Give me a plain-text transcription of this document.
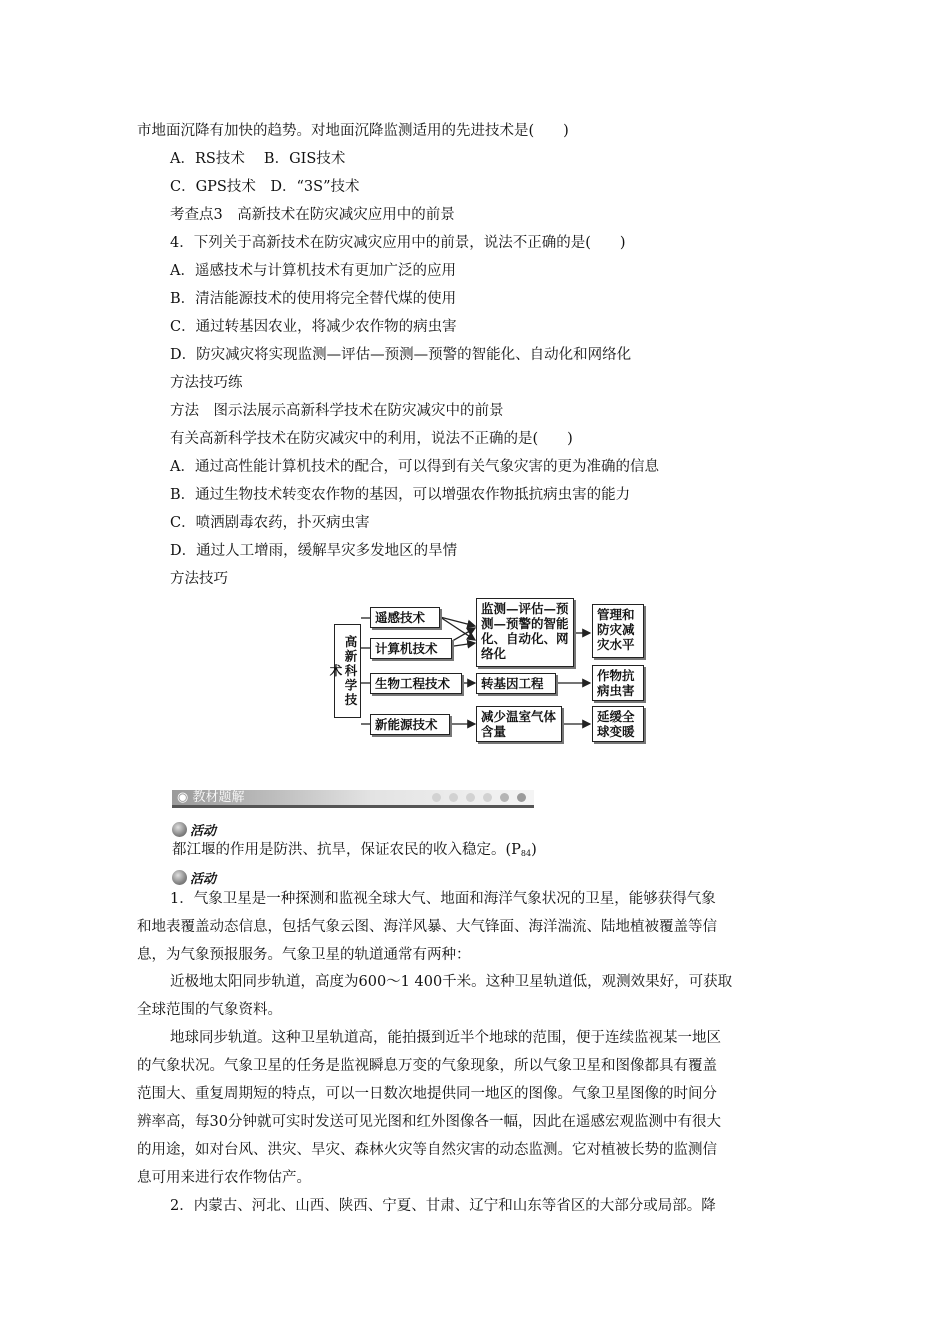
市地面沉降有加快的趋势。对地面沉降监测适用的先进技术是(　　)
A．RS技术　 B．GIS技术
C．GPS技术　D．“3S”技术
考查点3　高新技术在防灾减灾应用中的前景
4．下列关于高新技术在防灾减灾应用中的前景，说法不正确的是(　　)
A．遥感技术与计算机技术有更加广泛的应用
B．清洁能源技术的使用将完全替代煤的使用
C．通过转基因农业，将减少农作物的病虫害
D．防灾减灾将实现监测—评估—预测—预警的智能化、自动化和网络化
方法技巧练
方法　图示法展示高新科学技术在防灾减灾中的前景
有关高新科学技术在防灾减灾中的利用，说法不正确的是(　　)
A．通过高性能计算机技术的配合，可以得到有关气象灾害的更为准确的信息
B．通过生物技术转变农作物的基因，可以增强农作物抵抗病虫害的能力
C．喷洒剧毒农药，扑灭病虫害
D．通过人工增雨，缓解旱灾多发地区的旱情
方法技巧
高新科学技术
遥感技术
计算机技术
生物工程技术
新能源技术
监测—评估—预测—预警的智能化、自动化、网络化
转基因工程
减少温室气体含量
管理和防灾减灾水平
作物抗病虫害
延缓全球变暖
◉ 教材题解
活动
都江堰的作用是防洪、抗旱，保证农民的收入稳定。$(P_{84})$
活动
1．气象卫星是一种探测和监视全球大气、地面和海洋气象状况的卫星，能够获得气象
和地表覆盖动态信息，包括气象云图、海洋风暴、大气锋面、海洋湍流、陆地植被覆盖等信
息，为气象预报服务。气象卫星的轨道通常有两种：
近极地太阳同步轨道，高度为600～1 400千米。这种卫星轨道低，观测效果好，可获取
全球范围的气象资料。
地球同步轨道。这种卫星轨道高，能拍摄到近半个地球的范围，便于连续监视某一地区
的气象状况。气象卫星的任务是监视瞬息万变的气象现象，所以气象卫星和图像都具有覆盖
范围大、重复周期短的特点，可以一日数次地提供同一地区的图像。气象卫星图像的时间分
辨率高，每30分钟就可实时发送可见光图和红外图像各一幅，因此在遥感宏观监测中有很大
的用途，如对台风、洪灾、旱灾、森林火灾等自然灾害的动态监测。它对植被长势的监测信
息可用来进行农作物估产。
2．内蒙古、河北、山西、陕西、宁夏、甘肃、辽宁和山东等省区的大部分或局部。降
